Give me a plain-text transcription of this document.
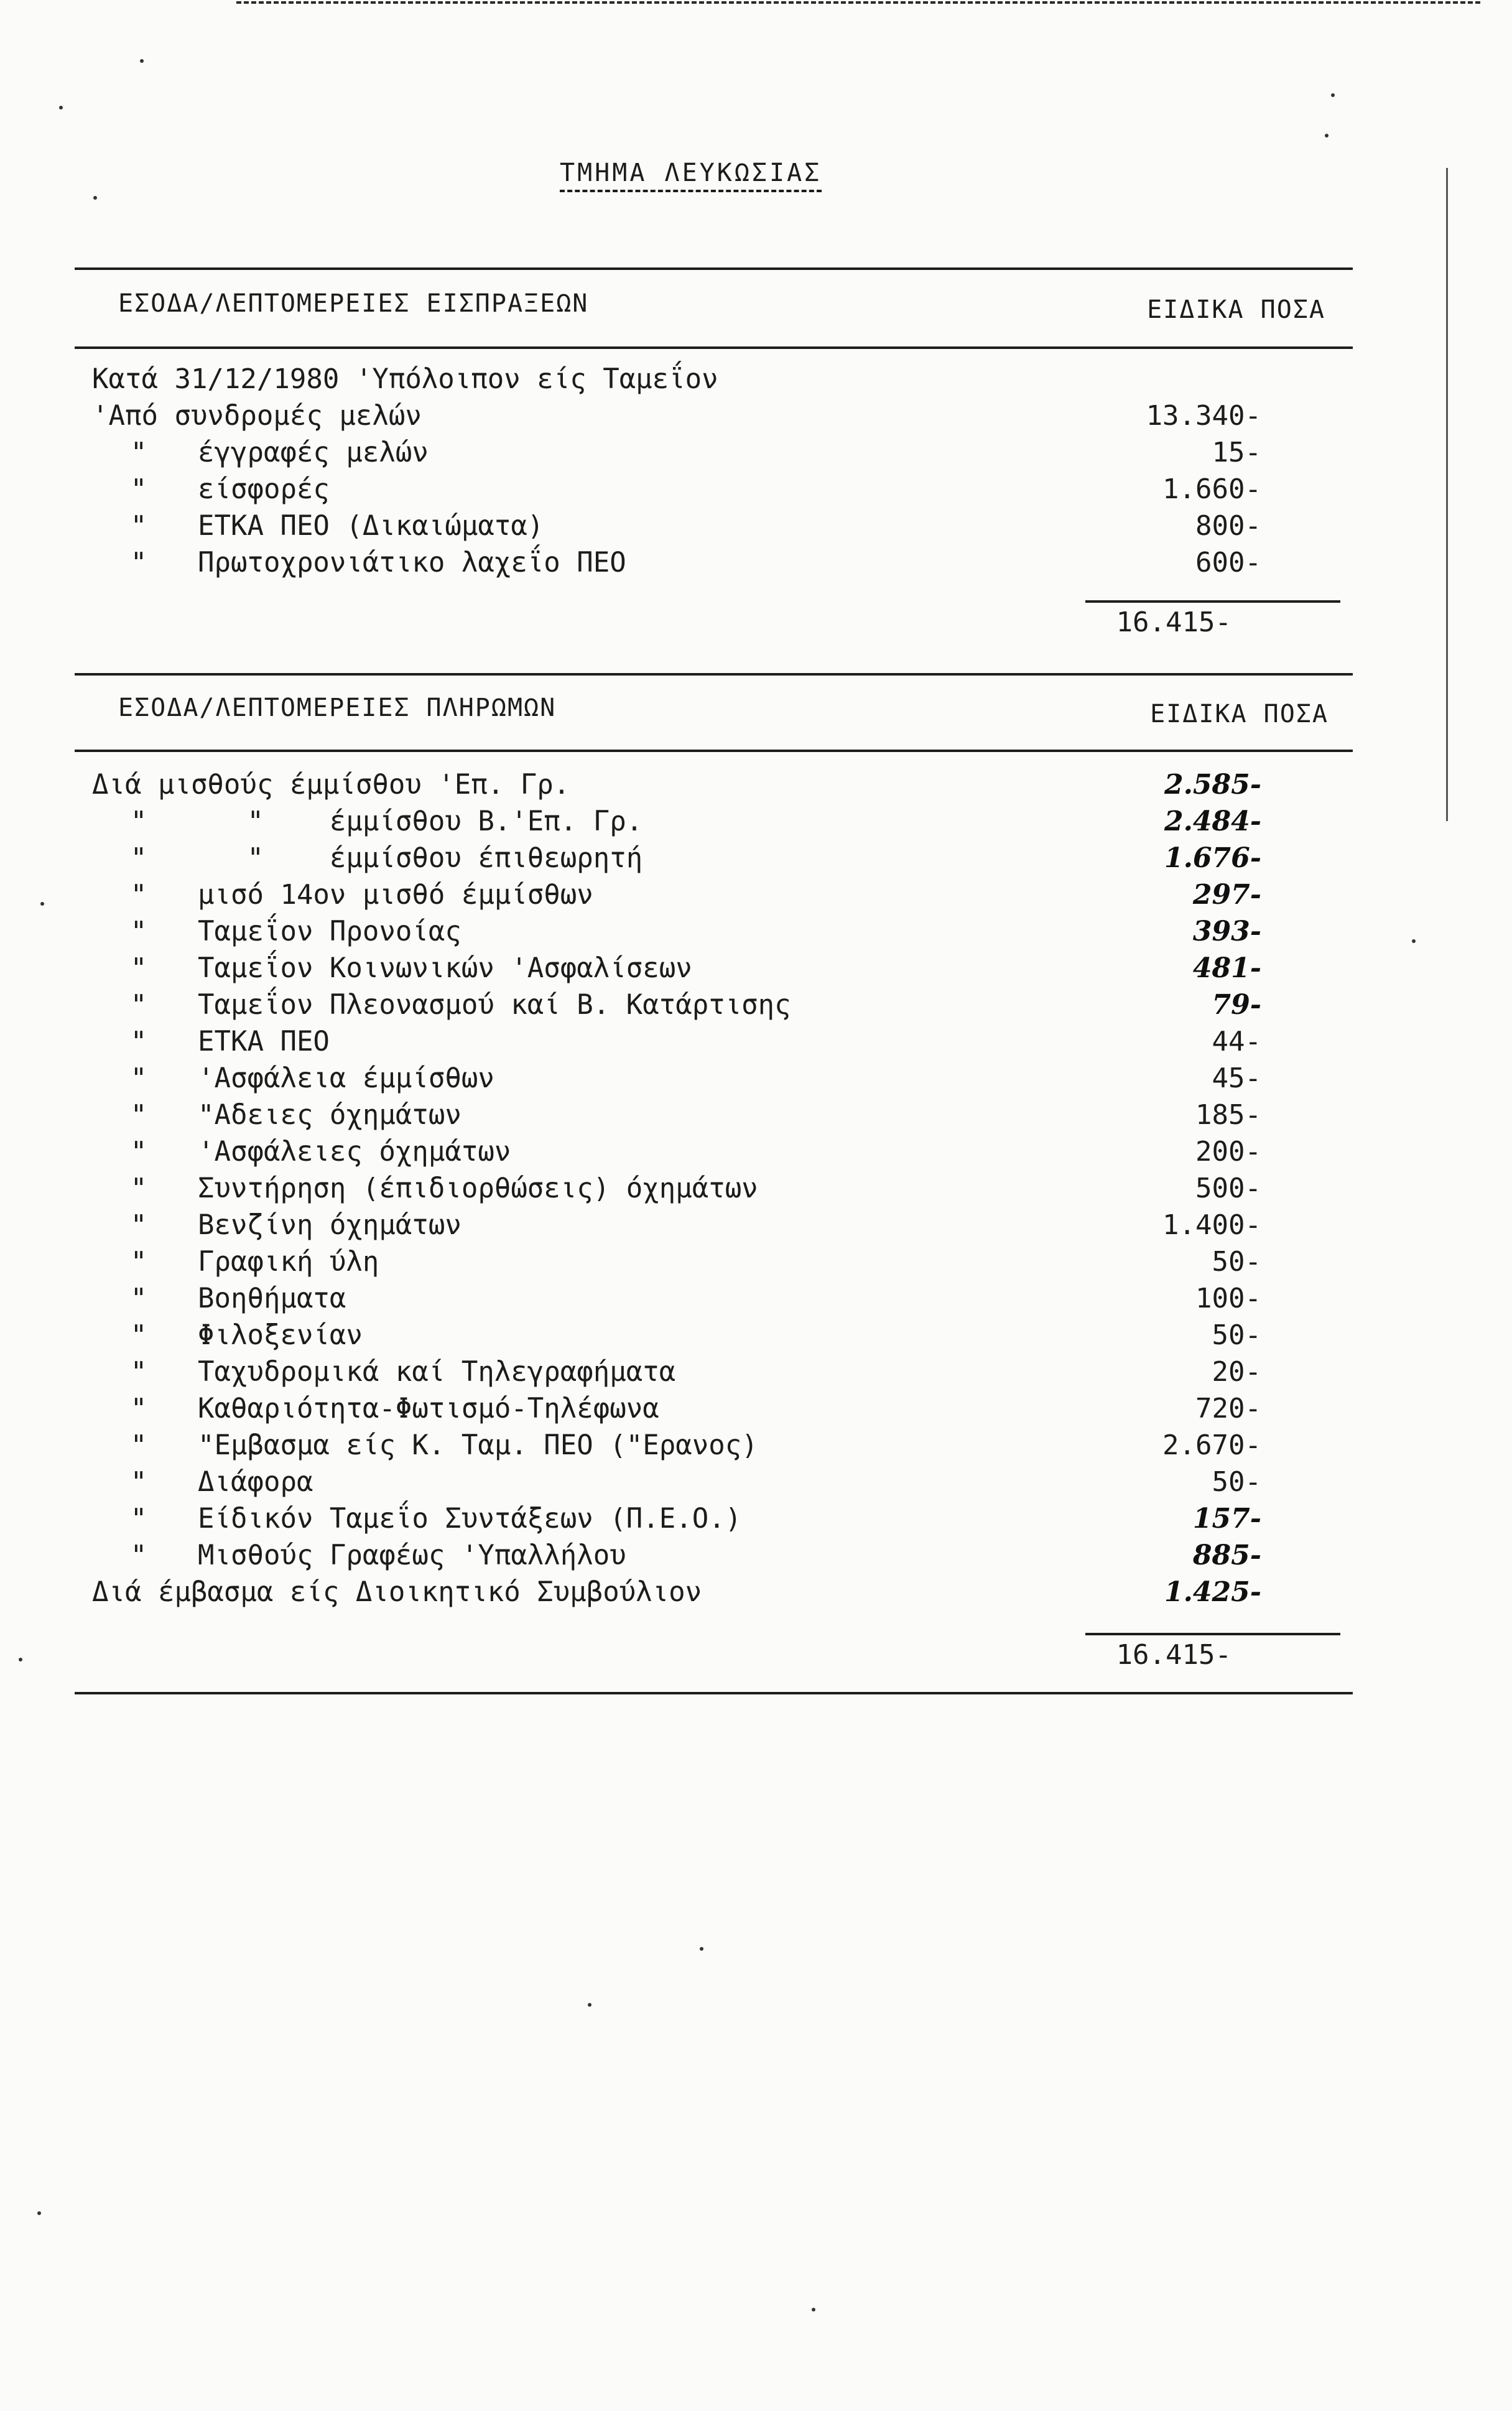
ΤΜΗΜΑ ΛΕΥΚΩΣΙΑΣ
ΕΣΟΔΑ/ΛΕΠΤΟΜΕΡΕΙΕΣ ΕΙΣΠΡΑΞΕΩΝ	ΕΙΔΙΚΑ ΠΟΣΑ
Κατά 31/12/1980 'Υπόλοιπον είς Ταμεΐον
'Από συνδρομές μελών	13.340-
" έγγραφές μελών	15-
" είσφορές	1.660-
" ΕΤΚΑ ΠΕΟ (Δικαιώματα)	800-
" Πρωτοχρονιάτικο λαχεΐο ΠΕΟ	600-
16.415-
ΕΣΟΔΑ/ΛΕΠΤΟΜΕΡΕΙΕΣ ΠΛΗΡΩΜΩΝ	ΕΙΔΙΚΑ ΠΟΣΑ
Διά μισθούς έμμίσθου 'Επ. Γρ.	2.585-
" "    έμμίσθου Β.'Επ. Γρ.	2.484-
" "    έμμίσθου έπιθεωρητή	1.676-
" μισό 14ον μισθό έμμίσθων	297-
" Ταμεΐον Προνοίας	393-
" Ταμεΐον Κοινωνικών 'Ασφαλίσεων	481-
" Ταμεΐον Πλεονασμού καί Β. Κατάρτισης	79-
" ΕΤΚΑ ΠΕΟ	44-
" 'Ασφάλεια έμμίσθων	45-
" "Αδειες όχημάτων	185-
" 'Ασφάλειες όχημάτων	200-
" Συντήρηση (έπιδιορθώσεις) όχημάτων	500-
" Βενζίνη όχημάτων	1.400-
" Γραφική ύλη	50-
" Βοηθήματα	100-
" Φιλοξενίαν	50-
" Ταχυδρομικά καί Τηλεγραφήματα	20-
" Καθαριότητα-Φωτισμό-Τηλέφωνα	720-
" "Εμβασμα είς Κ. Ταμ. ΠΕΟ ("Ερανος)	2.670-
" Διάφορα	50-
" Είδικόν Ταμεΐο Συντάξεων (Π.Ε.Ο.)	157-
" Μισθούς Γραφέως 'Υπαλλήλου	885-
Διά έμβασμα είς Διοικητικό Συμβούλιον	1.425-
16.415-
